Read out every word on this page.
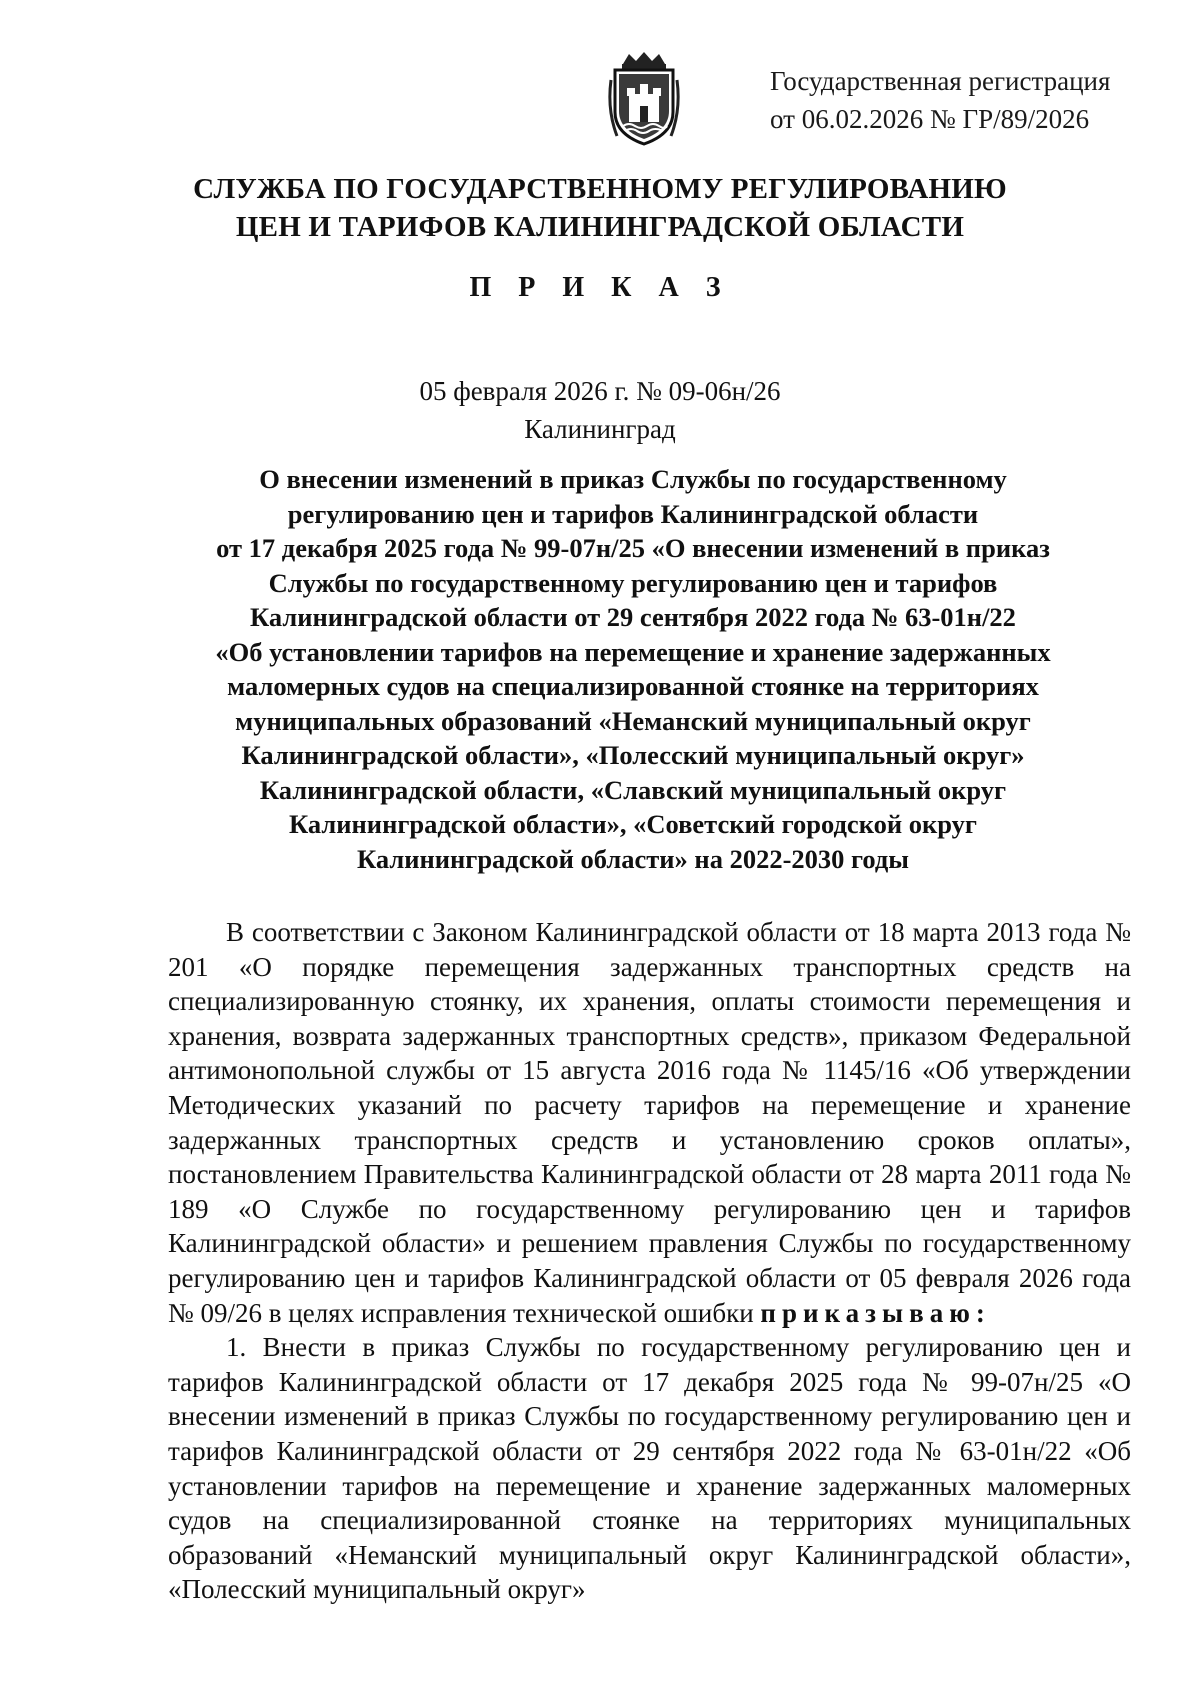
Государственная регистрация
от 06.02.2026 № ГР/89/2026
СЛУЖБА ПО ГОСУДАРСТВЕННОМУ РЕГУЛИРОВАНИЮ
ЦЕН И ТАРИФОВ КАЛИНИНГРАДСКОЙ ОБЛАСТИ
П Р И К А З
05 февраля 2026 г. № 09-06н/26
Калининград
О внесении изменений в приказ Службы по государственному
регулированию цен и тарифов Калининградской области
от 17 декабря 2025 года № 99-07н/25 «О внесении изменений в приказ
Службы по государственному регулированию цен и тарифов
Калининградской области от 29 сентября 2022 года № 63-01н/22
«Об установлении тарифов на перемещение и хранение задержанных
маломерных судов на специализированной стоянке на территориях
муниципальных образований «Неманский муниципальный округ
Калининградской области», «Полесский муниципальный округ»
Калининградской области, «Славский муниципальный округ
Калининградской области», «Советский городской округ
Калининградской области» на 2022-2030 годы

В соответствии с Законом Калининградской области от 18 марта 2013 года № 201 «О порядке перемещения задержанных транспортных средств на специализированную стоянку, их хранения, оплаты стоимости перемещения и хранения, возврата задержанных транспортных средств», приказом Федеральной антимонопольной службы от 15 августа 2016 года № 1145/16 «Об утверждении Методических указаний по расчету тарифов на перемещение и хранение задержанных транспортных средств и установлению сроков оплаты», постановлением Правительства Калининградской области от 28 марта 2011 года № 189 «О Службе по государственному регулированию цен и тарифов Калининградской области» и решением правления Службы по государственному регулированию цен и тарифов Калининградской области от 05 февраля 2026 года № 09/26 в целях исправления технической ошибки приказываю:

1. Внести в приказ Службы по государственному регулированию цен и тарифов Калининградской области от 17 декабря 2025 года № 99-07н/25 «О внесении изменений в приказ Службы по государственному регулированию цен и тарифов Калининградской области от 29 сентября 2022 года № 63-01н/22 «Об установлении тарифов на перемещение и хранение задержанных маломерных судов на специализированной стоянке на территориях муниципальных образований «Неманский муниципальный округ Калининградской области», «Полесский муниципальный округ»
